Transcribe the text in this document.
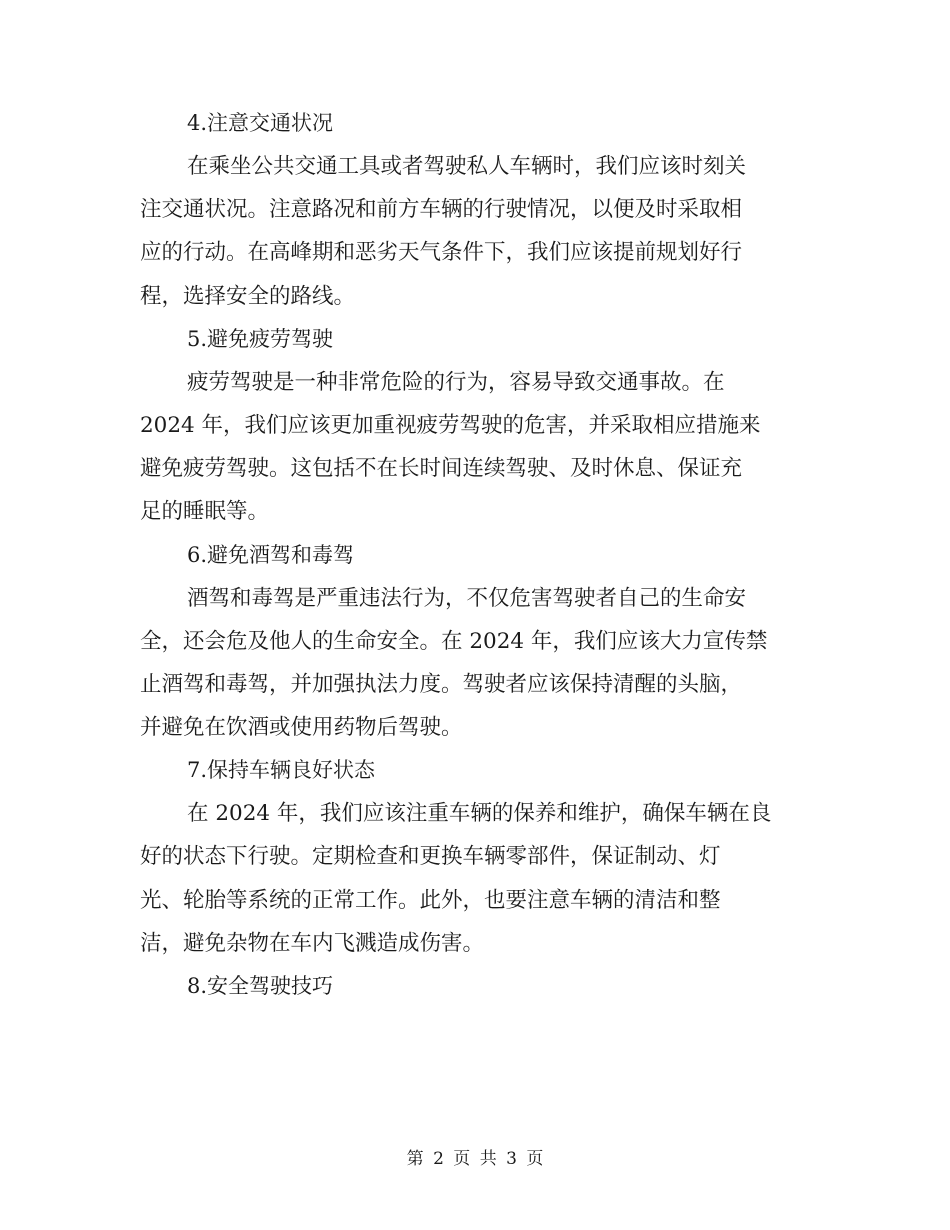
4.注意交通状况
在乘坐公共交通工具或者驾驶私人车辆时，我们应该时刻关
注交通状况。注意路况和前方车辆的行驶情况，以便及时采取相
应的行动。在高峰期和恶劣天气条件下，我们应该提前规划好行
程，选择安全的路线。
5.避免疲劳驾驶
疲劳驾驶是一种非常危险的行为，容易导致交通事故。在
2024 年，我们应该更加重视疲劳驾驶的危害，并采取相应措施来
避免疲劳驾驶。这包括不在长时间连续驾驶、及时休息、保证充
足的睡眠等。
6.避免酒驾和毒驾
酒驾和毒驾是严重违法行为，不仅危害驾驶者自己的生命安
全，还会危及他人的生命安全。在 2024 年，我们应该大力宣传禁
止酒驾和毒驾，并加强执法力度。驾驶者应该保持清醒的头脑，
并避免在饮酒或使用药物后驾驶。
7.保持车辆良好状态
在 2024 年，我们应该注重车辆的保养和维护，确保车辆在良
好的状态下行驶。定期检查和更换车辆零部件，保证制动、灯
光、轮胎等系统的正常工作。此外，也要注意车辆的清洁和整
洁，避免杂物在车内飞溅造成伤害。
8.安全驾驶技巧
第 2 页 共 3 页
